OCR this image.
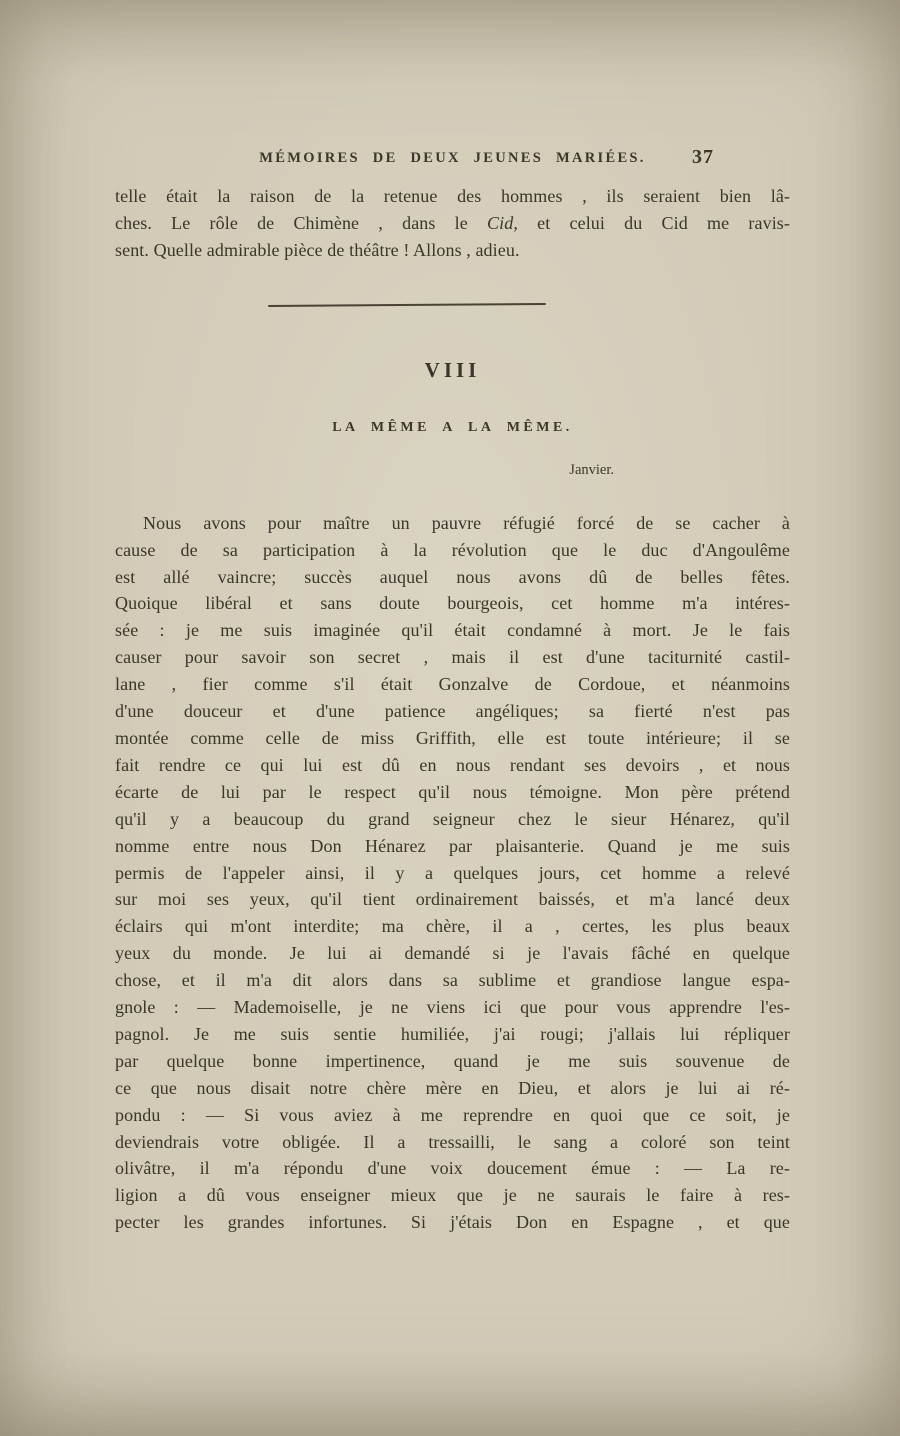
MÉMOIRES DE DEUX JEUNES MARIÉES.	37
telle était la raison de la retenue des hommes , ils seraient bien lâ-
ches. Le rôle de Chimène , dans le Cid, et celui du Cid me ravis-
sent. Quelle admirable pièce de théâtre ! Allons , adieu.
VIII
LA MÊME A LA MÊME.
Janvier.
Nous avons pour maître un pauvre réfugié forcé de se cacher à
cause de sa participation à la révolution que le duc d'Angoulême
est allé vaincre; succès auquel nous avons dû de belles fêtes.
Quoique libéral et sans doute bourgeois, cet homme m'a intéres-
sée : je me suis imaginée qu'il était condamné à mort. Je le fais
causer pour savoir son secret , mais il est d'une taciturnité castil-
lane , fier comme s'il était Gonzalve de Cordoue, et néanmoins
d'une douceur et d'une patience angéliques; sa fierté n'est pas
montée comme celle de miss Griffith, elle est toute intérieure; il se
fait rendre ce qui lui est dû en nous rendant ses devoirs , et nous
écarte de lui par le respect qu'il nous témoigne. Mon père prétend
qu'il y a beaucoup du grand seigneur chez le sieur Hénarez, qu'il
nomme entre nous Don Hénarez par plaisanterie. Quand je me suis
permis de l'appeler ainsi, il y a quelques jours, cet homme a relevé
sur moi ses yeux, qu'il tient ordinairement baissés, et m'a lancé deux
éclairs qui m'ont interdite; ma chère, il a , certes, les plus beaux
yeux du monde. Je lui ai demandé si je l'avais fâché en quelque
chose, et il m'a dit alors dans sa sublime et grandiose langue espa-
gnole : — Mademoiselle, je ne viens ici que pour vous apprendre l'es-
pagnol. Je me suis sentie humiliée, j'ai rougi; j'allais lui répliquer
par quelque bonne impertinence, quand je me suis souvenue de
ce que nous disait notre chère mère en Dieu, et alors je lui ai ré-
pondu : — Si vous aviez à me reprendre en quoi que ce soit, je
deviendrais votre obligée. Il a tressailli, le sang a coloré son teint
olivâtre, il m'a répondu d'une voix doucement émue : — La re-
ligion a dû vous enseigner mieux que je ne saurais le faire à res-
pecter les grandes infortunes. Si j'étais Don en Espagne , et que
